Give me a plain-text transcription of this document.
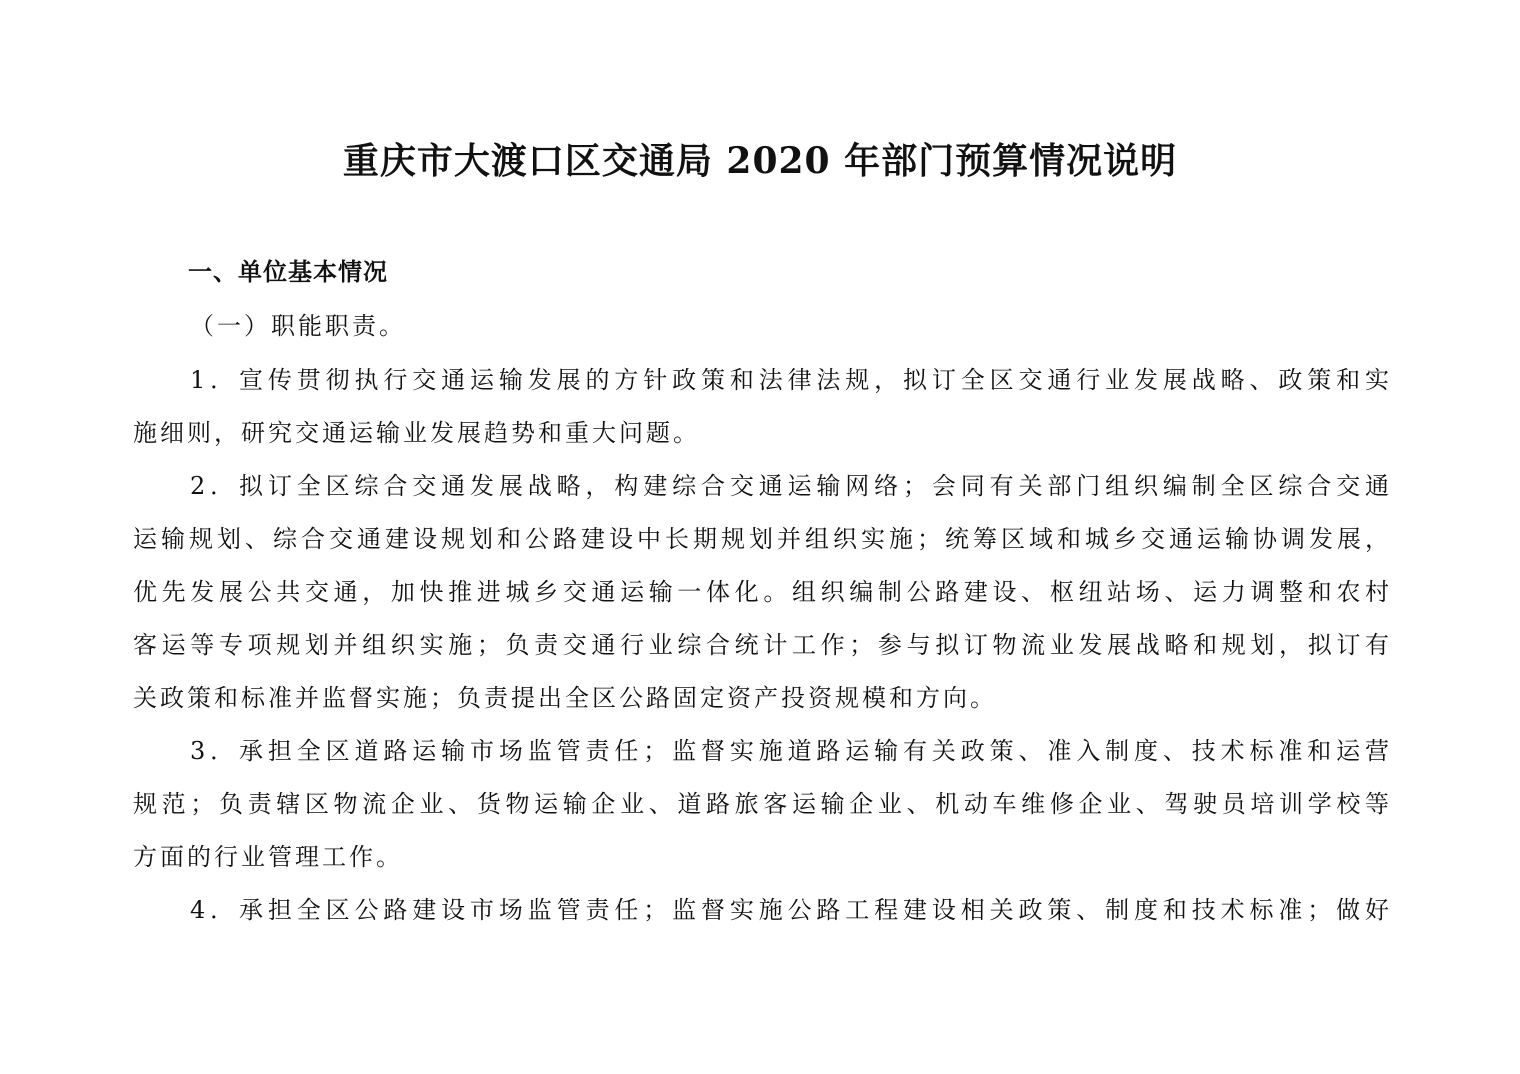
重庆市大渡口区交通局 2020 年部门预算情况说明
一、单位基本情况
（一）职能职责。
1．宣传贯彻执行交通运输发展的方针政策和法律法规，拟订全区交通行业发展战略、政策和实
施细则，研究交通运输业发展趋势和重大问题。
2．拟订全区综合交通发展战略，构建综合交通运输网络；会同有关部门组织编制全区综合交通
运输规划、综合交通建设规划和公路建设中长期规划并组织实施；统筹区域和城乡交通运输协调发展，
优先发展公共交通，加快推进城乡交通运输一体化。组织编制公路建设、枢纽站场、运力调整和农村
客运等专项规划并组织实施；负责交通行业综合统计工作；参与拟订物流业发展战略和规划，拟订有
关政策和标准并监督实施；负责提出全区公路固定资产投资规模和方向。
3．承担全区道路运输市场监管责任；监督实施道路运输有关政策、准入制度、技术标准和运营
规范；负责辖区物流企业、货物运输企业、道路旅客运输企业、机动车维修企业、驾驶员培训学校等
方面的行业管理工作。
4．承担全区公路建设市场监管责任；监督实施公路工程建设相关政策、制度和技术标准；做好
